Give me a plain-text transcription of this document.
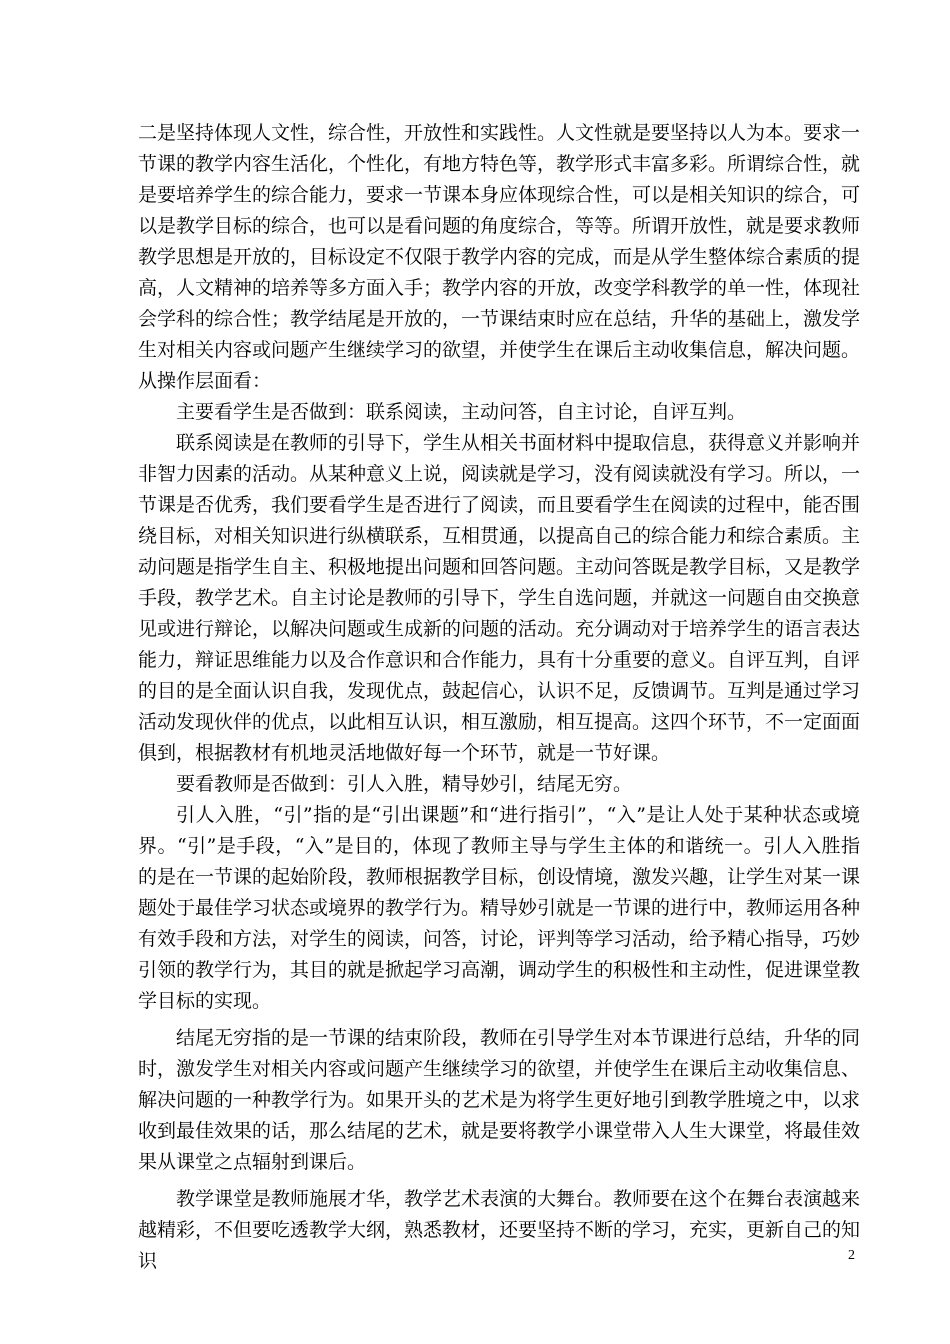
二是坚持体现人文性，综合性，开放性和实践性。人文性就是要坚持以人为本。要求一节课的教学内容生活化，个性化，有地方特色等，教学形式丰富多彩。所谓综合性，就是要培养学生的综合能力，要求一节课本身应体现综合性，可以是相关知识的综合，可以是教学目标的综合，也可以是看问题的角度综合，等等。所谓开放性，就是要求教师教学思想是开放的，目标设定不仅限于教学内容的完成，而是从学生整体综合素质的提高，人文精神的培养等多方面入手；教学内容的开放，改变学科教学的单一性，体现社会学科的综合性；教学结尾是开放的，一节课结束时应在总结，升华的基础上，激发学生对相关内容或问题产生继续学习的欲望，并使学生在课后主动收集信息，解决问题。从操作层面看：

主要看学生是否做到：联系阅读，主动问答，自主讨论，自评互判。

联系阅读是在教师的引导下，学生从相关书面材料中提取信息，获得意义并影响并非智力因素的活动。从某种意义上说，阅读就是学习，没有阅读就没有学习。所以，一节课是否优秀，我们要看学生是否进行了阅读，而且要看学生在阅读的过程中，能否围绕目标，对相关知识进行纵横联系，互相贯通，以提高自己的综合能力和综合素质。主动问题是指学生自主、积极地提出问题和回答问题。主动问答既是教学目标，又是教学手段，教学艺术。自主讨论是教师的引导下，学生自选问题，并就这一问题自由交换意见或进行辩论，以解决问题或生成新的问题的活动。充分调动对于培养学生的语言表达能力，辩证思维能力以及合作意识和合作能力，具有十分重要的意义。自评互判，自评的目的是全面认识自我，发现优点，鼓起信心，认识不足，反馈调节。互判是通过学习活动发现伙伴的优点，以此相互认识，相互激励，相互提高。这四个环节，不一定面面俱到，根据教材有机地灵活地做好每一个环节，就是一节好课。

要看教师是否做到：引人入胜，精导妙引，结尾无穷。

引人入胜，“引”指的是“引出课题”和“进行指引”，“入”是让人处于某种状态或境界。“引”是手段，“入”是目的，体现了教师主导与学生主体的和谐统一。引人入胜指的是在一节课的起始阶段，教师根据教学目标，创设情境，激发兴趣，让学生对某一课题处于最佳学习状态或境界的教学行为。精导妙引就是一节课的进行中，教师运用各种有效手段和方法，对学生的阅读，问答，讨论，评判等学习活动，给予精心指导，巧妙引领的教学行为，其目的就是掀起学习高潮，调动学生的积极性和主动性，促进课堂教学目标的实现。

结尾无穷指的是一节课的结束阶段，教师在引导学生对本节课进行总结，升华的同时，激发学生对相关内容或问题产生继续学习的欲望，并使学生在课后主动收集信息、解决问题的一种教学行为。如果开头的艺术是为将学生更好地引到教学胜境之中，以求收到最佳效果的话，那么结尾的艺术，就是要将教学小课堂带入人生大课堂，将最佳效果从课堂之点辐射到课后。

教学课堂是教师施展才华，教学艺术表演的大舞台。教师要在这个在舞台表演越来越精彩，不但要吃透教学大纲，熟悉教材，还要坚持不断的学习，充实，更新自己的知识	2
